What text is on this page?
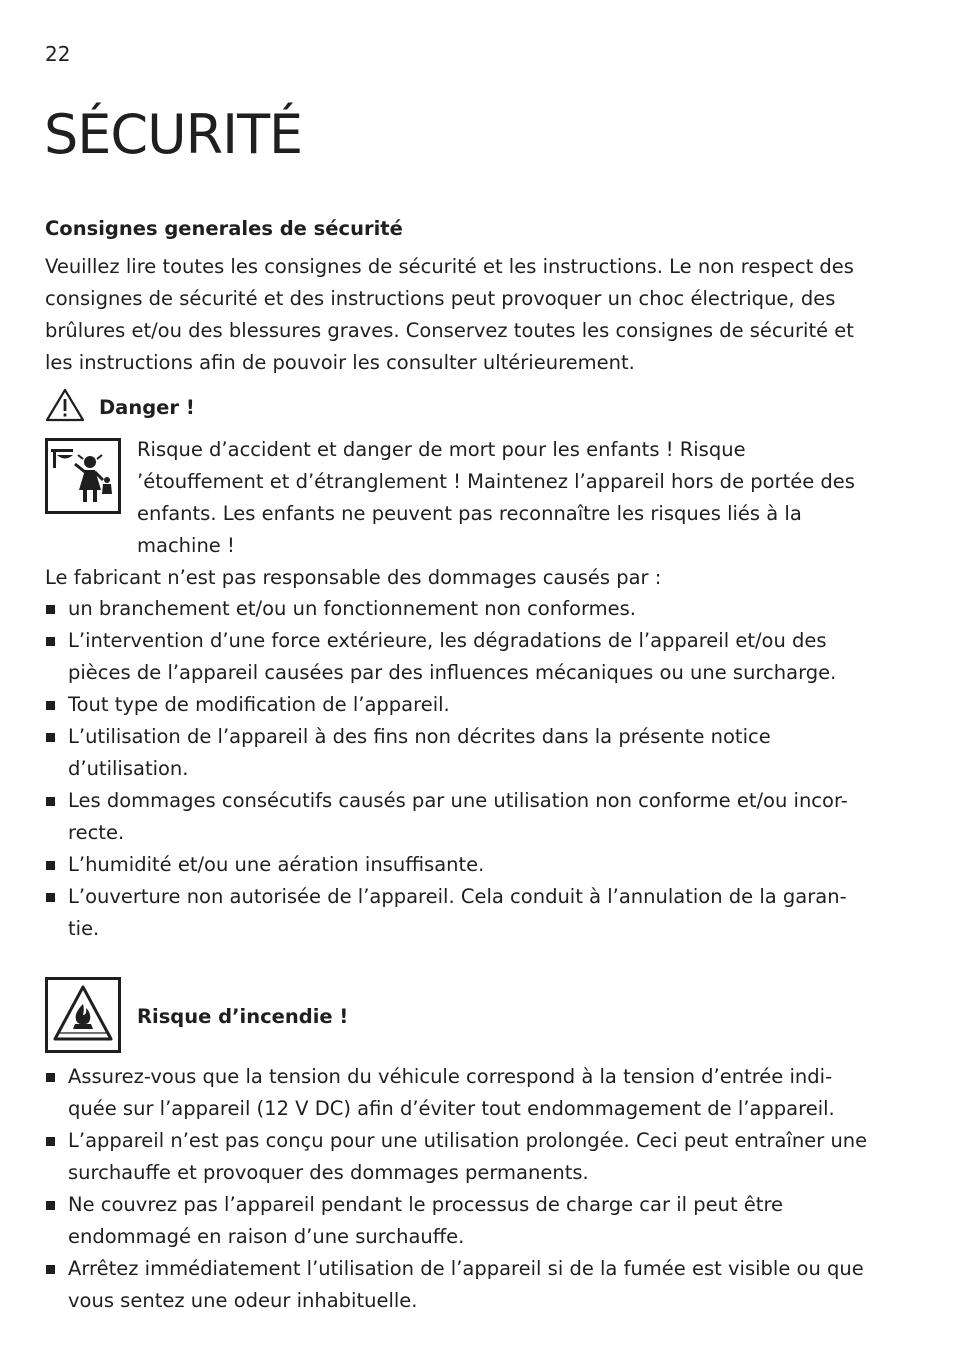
22
SÉCURITÉ
Consignes generales de sécurité

Veuillez lire toutes les consignes de sécurité et les instructions. Le non respect des consignes de sécurité et des instructions peut provoquer un choc électrique, des brûlures et/ou des blessures graves. Conservez toutes les consignes de sécurité et les instructions afin de pouvoir les consulter ultérieurement.

Danger !

Risque d’accident et danger de mort pour les enfants ! Risque ’étouffement et d’étranglement ! Maintenez l’appareil hors de portée des enfants. Les enfants ne peuvent pas reconnaître les risques liés à la machine !

Le fabricant n’est pas responsable des dommages causés par :

un branchement et/ou un fonctionnement non conformes.
L’intervention d’une force extérieure, les dégradations de l’appareil et/ou des pièces de l’appareil causées par des influences mécaniques ou une surcharge.
Tout type de modification de l’appareil.
L’utilisation de l’appareil à des fins non décrites dans la présente notice d’utilisation.
Les dommages consécutifs causés par une utilisation non conforme et/ou incor-recte.
L’humidité et/ou une aération insuffisante.
L’ouverture non autorisée de l’appareil. Cela conduit à l’annulation de la garan-tie.

Risque d’incendie !

Assurez-vous que la tension du véhicule correspond à la tension d’entrée indi-quée sur l’appareil (12 V DC) afin d’éviter tout endommagement de l’appareil.
L’appareil n’est pas conçu pour une utilisation prolongée. Ceci peut entraîner une surchauffe et provoquer des dommages permanents.
Ne couvrez pas l’appareil pendant le processus de charge car il peut être endommagé en raison d’une surchauffe.
Arrêtez immédiatement l’utilisation de l’appareil si de la fumée est visible ou que vous sentez une odeur inhabituelle.
